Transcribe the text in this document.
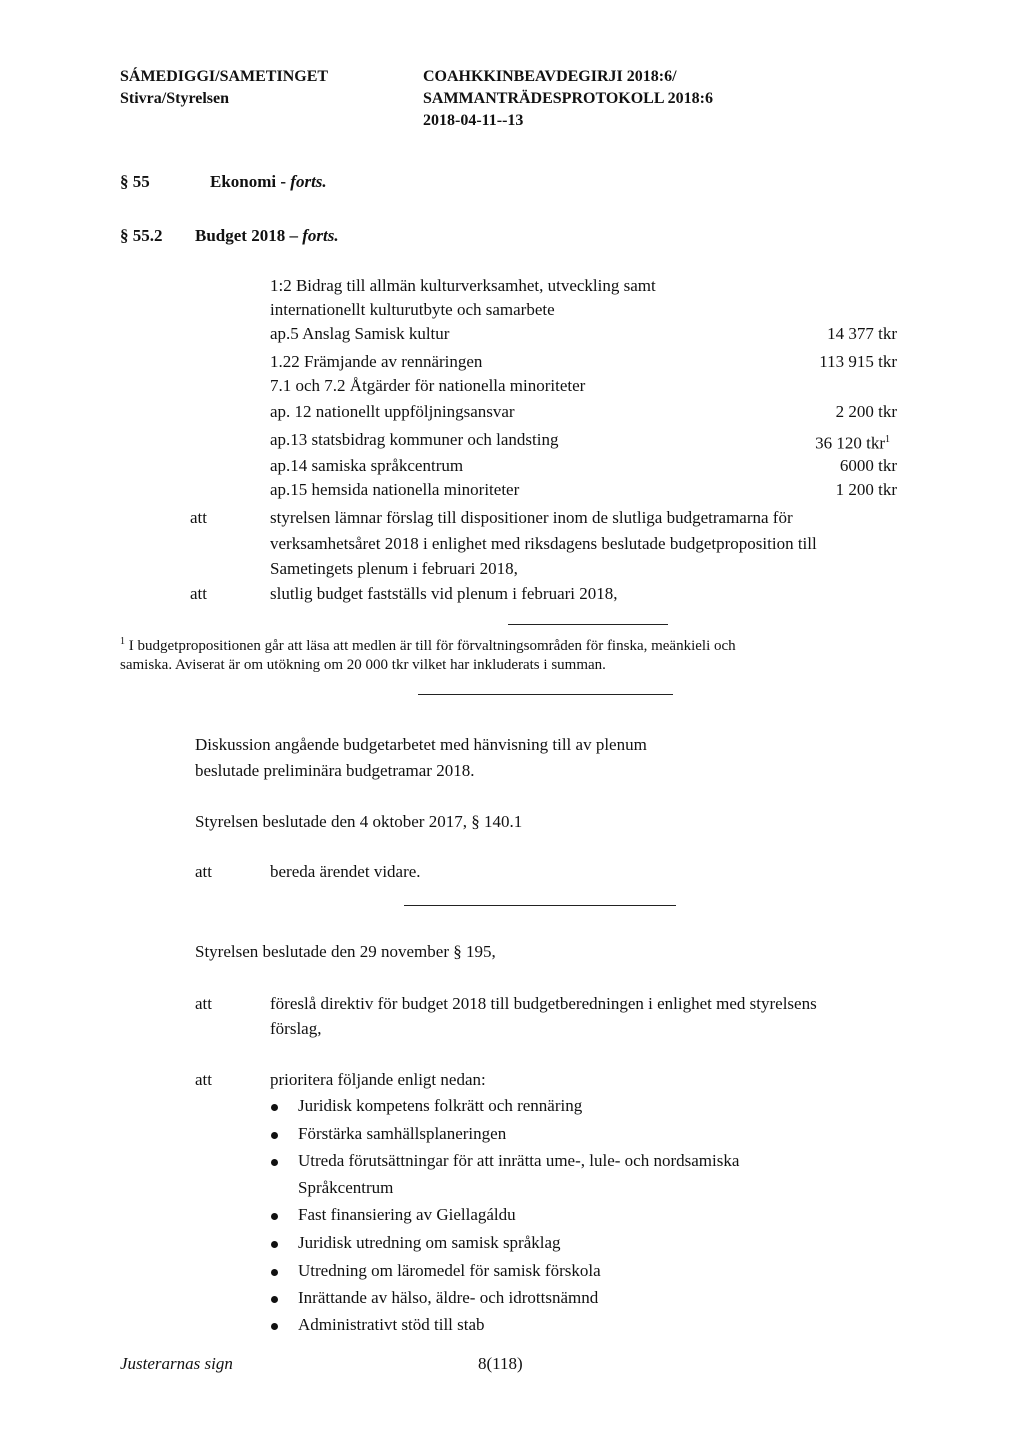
SÁMEDIGGI/SAMETINGET
Stivra/Styrelsen
COAHKKINBEAVDEGIRJI 2018:6/
SAMMANTRÄDESPROTOKOLL 2018:6
2018-04-11--13
§ 55	Ekonomi - forts.
§ 55.2 Budget 2018 – forts.
1:2 Bidrag till allmän kulturverksamhet, utveckling samt
internationellt kulturutbyte och samarbete
ap.5 Anslag Samisk kultur	14 377 tkr
1.22 Främjande av rennäringen	113 915 tkr
7.1 och 7.2 Åtgärder för nationella minoriteter
ap. 12 nationellt uppföljningsansvar	2 200 tkr
ap.13 statsbidrag kommuner och landsting	36 120 tkr$^1$
ap.14 samiska språkcentrum	6000 tkr
ap.15 hemsida nationella minoriteter	1 200 tkr
att	styrelsen lämnar förslag till dispositioner inom de slutliga budgetramarna för
verksamhetsåret 2018 i enlighet med riksdagens beslutade budgetproposition till
Sametingets plenum i februari 2018,
att	slutlig budget fastställs vid plenum i februari 2018,
$^1$ I budgetpropositionen går att läsa att medlen är till för förvaltningsområden för finska, meänkieli och
samiska. Aviserat är om utökning om 20 000 tkr vilket har inkluderats i summan.
Diskussion angående budgetarbetet med hänvisning till av plenum
beslutade preliminära budgetramar 2018.
Styrelsen beslutade den 4 oktober 2017, § 140.1
att	bereda ärendet vidare.
Styrelsen beslutade den 29 november § 195,
att	föreslå direktiv för budget 2018 till budgetberedningen i enlighet med styrelsens
förslag,
att	prioritera följande enligt nedan:
Juridisk kompetens folkrätt och rennäring
Förstärka samhällsplaneringen
Utreda förutsättningar för att inrätta ume-, lule- och nordsamiska
Språkcentrum
Fast finansiering av Giellagáldu
Juridisk utredning om samisk språklag
Utredning om läromedel för samisk förskola
Inrättande av hälso, äldre- och idrottsnämnd
Administrativt stöd till stab
Justerarnas sign	8(118)
